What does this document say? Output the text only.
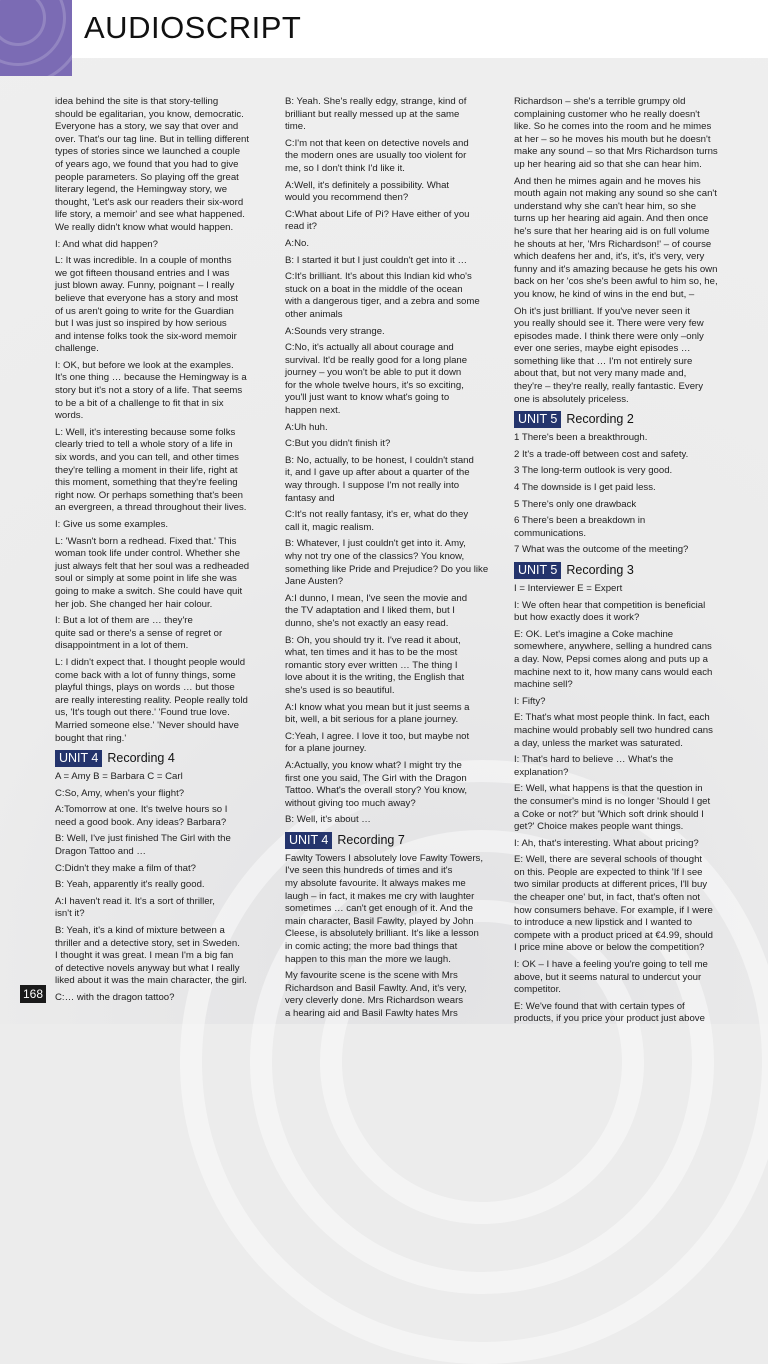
AUDIOSCRIPT

idea behind the site is that story-telling
should be egalitarian, you know, democratic.
Everyone has a story, we say that over and
over. That's our tag line. But in telling different
types of stories since we launched a couple
of years ago, we found that you had to give
people parameters. So playing off the great
literary legend, the Hemingway story, we
thought, 'Let's ask our readers their six-word
life story, a memoir' and see what happened.
We really didn't know what would happen.

I: And what did happen?

L: It was incredible. In a couple of months
we got fifteen thousand entries and I was
just blown away. Funny, poignant – I really
believe that everyone has a story and most
of us aren't going to write for the Guardian
but I was just so inspired by how serious
and intense folks took the six-word memoir
challenge.

I: OK, but before we look at the examples.
It's one thing … because the Hemingway is a
story but it's not a story of a life. That seems
to be a bit of a challenge to fit that in six
words.

L: Well, it's interesting because some folks
clearly tried to tell a whole story of a life in
six words, and you can tell, and other times
they're telling a moment in their life, right at
this moment, something that they're feeling
right now. Or perhaps something that's been
an evergreen, a thread throughout their lives.

I: Give us some examples.

L: 'Wasn't born a redhead. Fixed that.' This
woman took life under control. Whether she
just always felt that her soul was a redheaded
soul or simply at some point in life she was
going to make a switch. She could have quit
her job. She changed her hair colour.

I: But a lot of them are … they're
quite sad or there's a sense of regret or
disappointment in a lot of them.

L: I didn't expect that. I thought people would
come back with a lot of funny things, some
playful things, plays on words … but those
are really interesting reality. People really told
us, 'It's tough out there.' 'Found true love.
Married someone else.' 'Never should have
bought that ring.'

UNIT 4 Recording 4

A = Amy B = Barbara C = Carl

C:So, Amy, when's your flight?

A:Tomorrow at one. It's twelve hours so I
need a good book. Any ideas? Barbara?

B: Well, I've just finished The Girl with the
Dragon Tattoo and …

C:Didn't they make a film of that?

B: Yeah, apparently it's really good.

A:I haven't read it. It's a sort of thriller,
isn't it?

B: Yeah, it's a kind of mixture between a
thriller and a detective story, set in Sweden.
I thought it was great. I mean I'm a big fan
of detective novels anyway but what I really
liked about it was the main character, the girl.

C:… with the dragon tattoo?

B: Yeah. She's really edgy, strange, kind of
brilliant but really messed up at the same
time.

C:I'm not that keen on detective novels and
the modern ones are usually too violent for
me, so I don't think I'd like it.

A:Well, it's definitely a possibility. What
would you recommend then?

C:What about Life of Pi? Have either of you
read it?

A:No.

B: I started it but I just couldn't get into it …

C:It's brilliant. It's about this Indian kid who's
stuck on a boat in the middle of the ocean
with a dangerous tiger, and a zebra and some
other animals

A:Sounds very strange.

C:No, it's actually all about courage and
survival. It'd be really good for a long plane
journey – you won't be able to put it down
for the whole twelve hours, it's so exciting,
you'll just want to know what's going to
happen next.

A:Uh huh.

C:But you didn't finish it?

B: No, actually, to be honest, I couldn't stand
it, and I gave up after about a quarter of the
way through. I suppose I'm not really into
fantasy and

C:It's not really fantasy, it's er, what do they
call it, magic realism.

B: Whatever, I just couldn't get into it. Amy,
why not try one of the classics? You know,
something like Pride and Prejudice? Do you like
Jane Austen?

A:I dunno, I mean, I've seen the movie and
the TV adaptation and I liked them, but I
dunno, she's not exactly an easy read.

B: Oh, you should try it. I've read it about,
what, ten times and it has to be the most
romantic story ever written … The thing I
love about it is the writing, the English that
she's used is so beautiful.

A:I know what you mean but it just seems a
bit, well, a bit serious for a plane journey.

C:Yeah, I agree. I love it too, but maybe not
for a plane journey.

A:Actually, you know what? I might try the
first one you said, The Girl with the Dragon
Tattoo. What's the overall story? You know,
without giving too much away?

B: Well, it's about …

UNIT 4 Recording 7

Fawlty Towers I absolutely love Fawlty Towers,
I've seen this hundreds of times and it's
my absolute favourite. It always makes me
laugh – in fact, it makes me cry with laughter
sometimes … can't get enough of it. And the
main character, Basil Fawlty, played by John
Cleese, is absolutely brilliant. It's like a lesson
in comic acting; the more bad things that
happen to this man the more we laugh.

My favourite scene is the scene with Mrs
Richardson and Basil Fawlty. And, it's very,
very cleverly done. Mrs Richardson wears
a hearing aid and Basil Fawlty hates Mrs

Richardson – she's a terrible grumpy old
complaining customer who he really doesn't
like. So he comes into the room and he mimes
at her – so he moves his mouth but he doesn't
make any sound – so that Mrs Richardson turns
up her hearing aid so that she can hear him.

And then he mimes again and he moves his
mouth again not making any sound so she can't
understand why she can't hear him, so she
turns up her hearing aid again. And then once
he's sure that her hearing aid is on full volume
he shouts at her, 'Mrs Richardson!' – of course
which deafens her and, it's, it's, it's very, very
funny and it's amazing because he gets his own
back on her 'cos she's been awful to him so, he,
you know, he kind of wins in the end but, –

Oh it's just brilliant. If you've never seen it
you really should see it. There were very few
episodes made. I think there were only –only
ever one series, maybe eight episodes …
something like that … I'm not entirely sure
about that, but not very many made and,
they're – they're really, really fantastic. Every
one is absolutely priceless.

UNIT 5 Recording 2

1 There's been a breakthrough.

2 It's a trade-off between cost and safety.

3 The long-term outlook is very good.

4 The downside is I get paid less.

5 There's only one drawback

6 There's been a breakdown in
communications.

7 What was the outcome of the meeting?

UNIT 5 Recording 3

I = Interviewer E = Expert

I: We often hear that competition is beneficial
but how exactly does it work?

E: OK. Let's imagine a Coke machine
somewhere, anywhere, selling a hundred cans
a day. Now, Pepsi comes along and puts up a
machine next to it, how many cans would each
machine sell?

I: Fifty?

E: That's what most people think. In fact, each
machine would probably sell two hundred cans
a day, unless the market was saturated.

I: That's hard to believe … What's the
explanation?

E: Well, what happens is that the question in
the consumer's mind is no longer 'Should I get
a Coke or not?' but 'Which soft drink should I
get?' Choice makes people want things.

I: Ah, that's interesting. What about pricing?

E: Well, there are several schools of thought
on this. People are expected to think 'If I see
two similar products at different prices, I'll buy
the cheaper one' but, in fact, that's often not
how consumers behave. For example, if I were
to introduce a new lipstick and I wanted to
compete with a product priced at €4.99, should
I price mine above or below the competition?

I: OK – I have a feeling you're going to tell me
above, but it seems natural to undercut your
competitor.

E: We've found that with certain types of
products, if you price your product just above

168
